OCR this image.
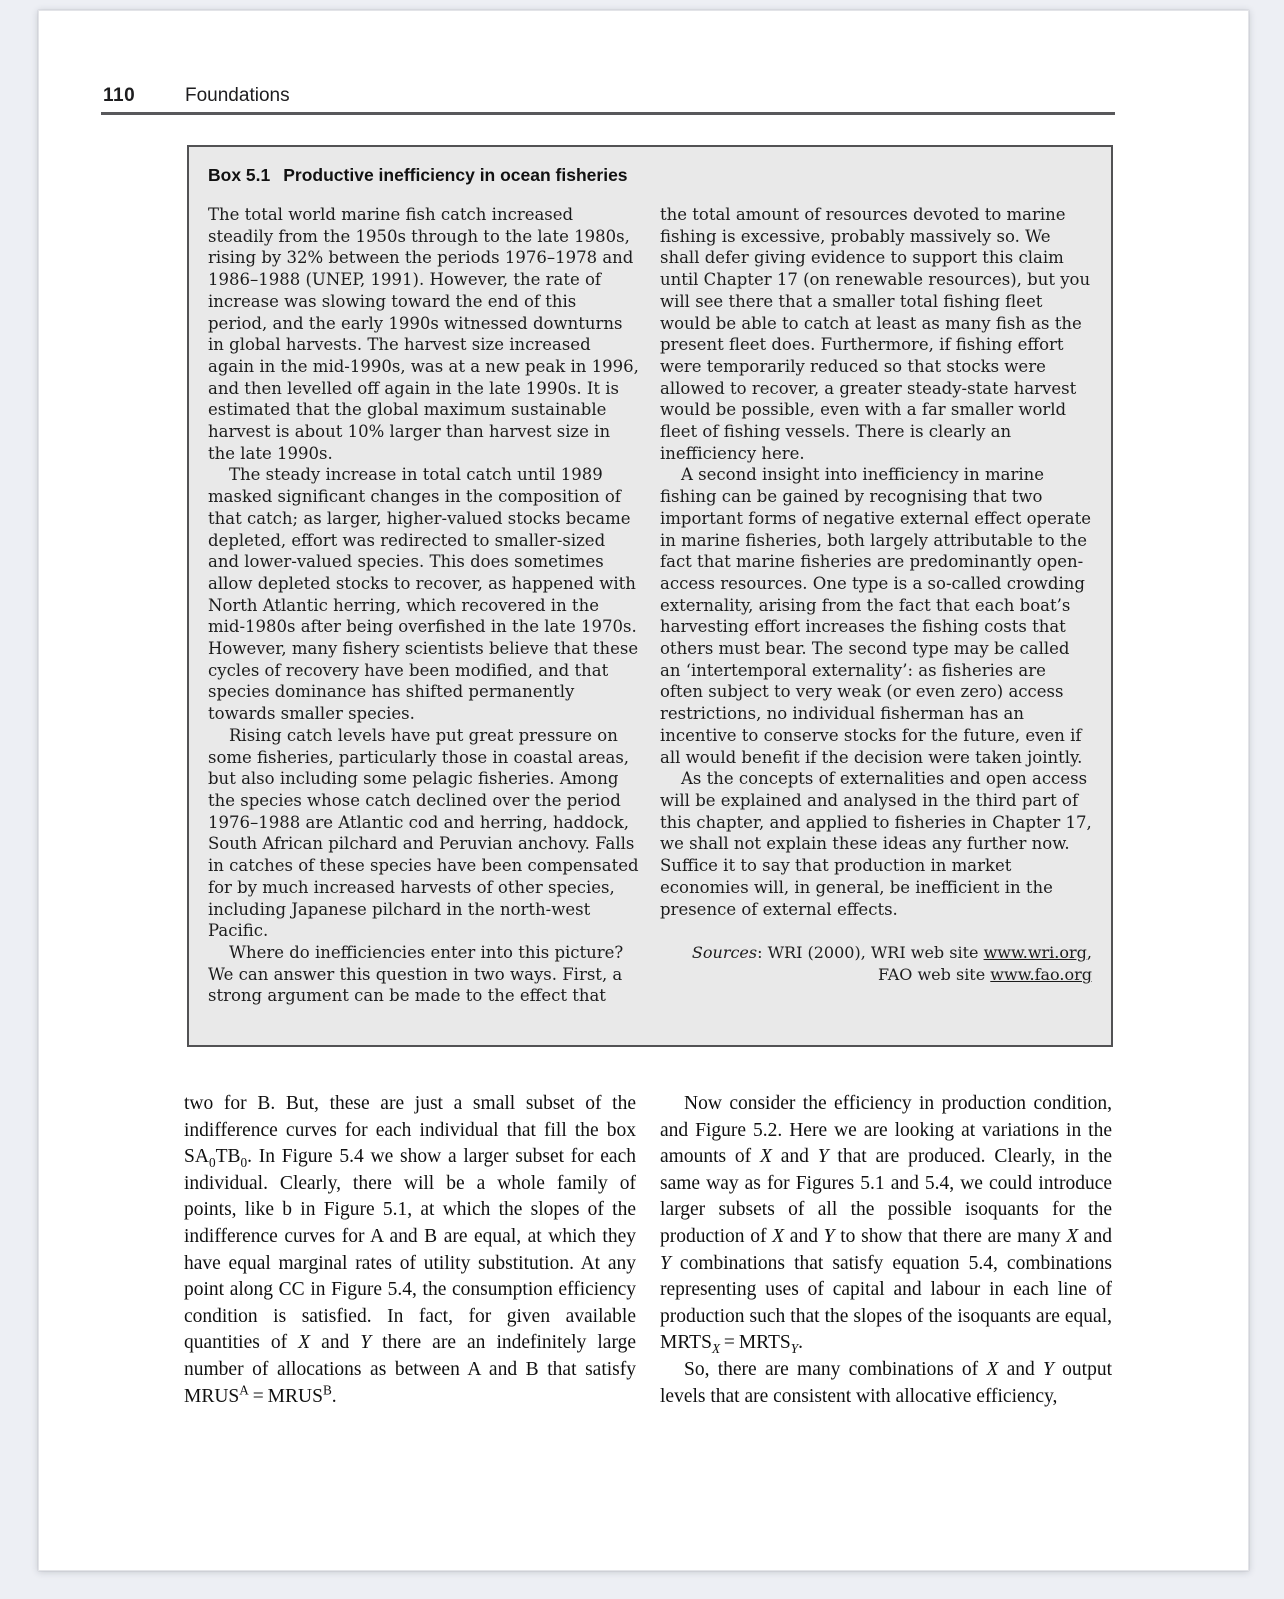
110	Foundations
Box 5.1 Productive inefficiency in ocean fisheries

The total world marine fish catch increased steadily from the 1950s through to the late 1980s, rising by 32% between the periods 1976–1978 and 1986–1988 (UNEP, 1991). However, the rate of increase was slowing toward the end of this period, and the early 1990s witnessed downturns in global harvests. The harvest size increased again in the mid-1990s, was at a new peak in 1996, and then levelled off again in the late 1990s. It is estimated that the global maximum sustainable harvest is about 10% larger than harvest size in the late 1990s.

The steady increase in total catch until 1989 masked significant changes in the composition of that catch; as larger, higher-valued stocks became depleted, effort was redirected to smaller-sized and lower-valued species. This does sometimes allow depleted stocks to recover, as happened with North Atlantic herring, which recovered in the mid-1980s after being overfished in the late 1970s. However, many fishery scientists believe that these cycles of recovery have been modified, and that species dominance has shifted permanently towards smaller species.

Rising catch levels have put great pressure on some fisheries, particularly those in coastal areas, but also including some pelagic fisheries. Among the species whose catch declined over the period 1976–1988 are Atlantic cod and herring, haddock, South African pilchard and Peruvian anchovy. Falls in catches of these species have been compensated for by much increased harvests of other species, including Japanese pilchard in the north-west Pacific.

Where do inefficiencies enter into this picture? We can answer this question in two ways. First, a strong argument can be made to the effect that

the total amount of resources devoted to marine fishing is excessive, probably massively so. We shall defer giving evidence to support this claim until Chapter 17 (on renewable resources), but you will see there that a smaller total fishing fleet would be able to catch at least as many fish as the present fleet does. Furthermore, if fishing effort were temporarily reduced so that stocks were allowed to recover, a greater steady-state harvest would be possible, even with a far smaller world fleet of fishing vessels. There is clearly an inefficiency here.

A second insight into inefficiency in marine fishing can be gained by recognising that two important forms of negative external effect operate in marine fisheries, both largely attributable to the fact that marine fisheries are predominantly open-access resources. One type is a so-called crowding externality, arising from the fact that each boat’s harvesting effort increases the fishing costs that others must bear. The second type may be called an ‘intertemporal externality’: as fisheries are often subject to very weak (or even zero) access restrictions, no individual fisherman has an incentive to conserve stocks for the future, even if all would benefit if the decision were taken jointly.

As the concepts of externalities and open access will be explained and analysed in the third part of this chapter, and applied to fisheries in Chapter 17, we shall not explain these ideas any further now. Suffice it to say that production in market economies will, in general, be inefficient in the presence of external effects.

Sources: WRI (2000), WRI web site www.wri.org,
FAO web site www.fao.org

two for B. But, these are just a small subset of the indifference curves for each individual that fill the box $SA_0TB_0$. In Figure 5.4 we show a larger subset for each individual. Clearly, there will be a whole family of points, like b in Figure 5.1, at which the slopes of the indifference curves for A and B are equal, at which they have equal marginal rates of utility substitution. At any point along CC in Figure 5.4, the consumption efficiency condition is satisfied. In fact, for given available quantities of X and Y there are an indefinitely large number of allocations as between A and B that satisfy $MRUS^A$ = $MRUS^B$.

Now consider the efficiency in production condition, and Figure 5.2. Here we are looking at variations in the amounts of X and Y that are produced. Clearly, in the same way as for Figures 5.1 and 5.4, we could introduce larger subsets of all the possible isoquants for the production of X and Y to show that there are many X and Y combinations that satisfy equation 5.4, combinations representing uses of capital and labour in each line of production such that the slopes of the isoquants are equal, $MRTS_X$ = $MRTS_Y$.

So, there are many combinations of X and Y output levels that are consistent with allocative efficiency,
